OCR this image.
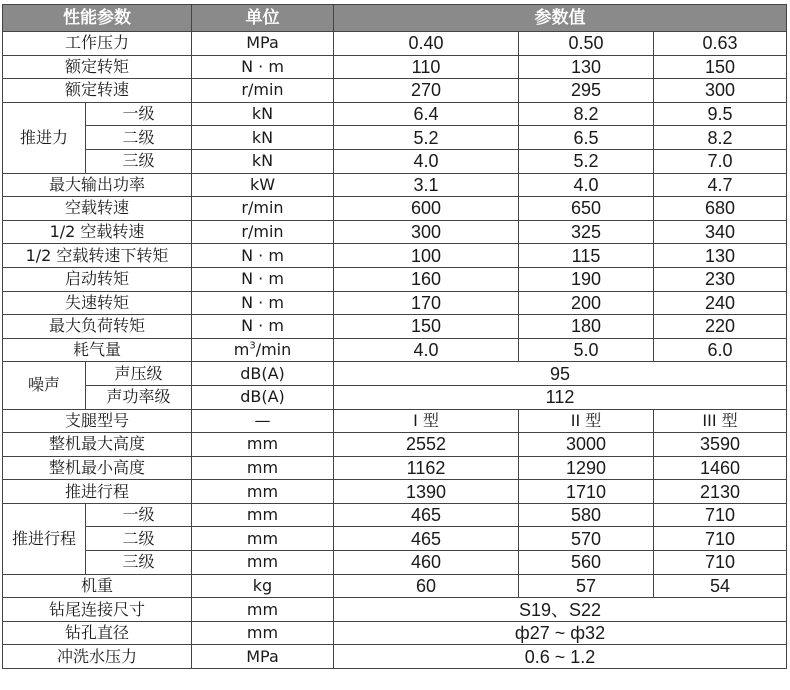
性能参数		单位	参数值		
工作压力		MPa	0.40	0.50	0.63
额定转矩		N · m	110	130	150
额定转速		r/min	270	295	300
推进力	一级	kN	6.4	8.2	9.5
	二级	kN	5.2	6.5	8.2
	三级	kN	4.0	5.2	7.0
最大输出功率		kW	3.1	4.0	4.7
空载转速		r/min	600	650	680
1/2 空载转速		r/min	300	325	340
1/2 空载转速下转矩		N · m	100	115	130
启动转矩		N · m	160	190	230
失速转矩		N · m	170	200	240
最大负荷转矩		N · m	150	180	220
耗气量		$m^3/\min$	4.0	5.0	6.0
噪声	声压级	dB(A)	95		
	声功率级	dB(A)	112		
支腿型号		—	I 型	II 型	III 型
整机最大高度		mm	2552	3000	3590
整机最小高度		mm	1162	1290	1460
推进行程		mm	1390	1710	2130
推进行程	一级	mm	465	580	710
	二级	mm	465	570	710
	三级	mm	460	560	710
机重		kg	60	57	54
钻尾连接尺寸		mm	S19、S22		
钻孔直径		mm	ф27 ~ ф32		
冲洗水压力		MPa	0.6 ~ 1.2		
